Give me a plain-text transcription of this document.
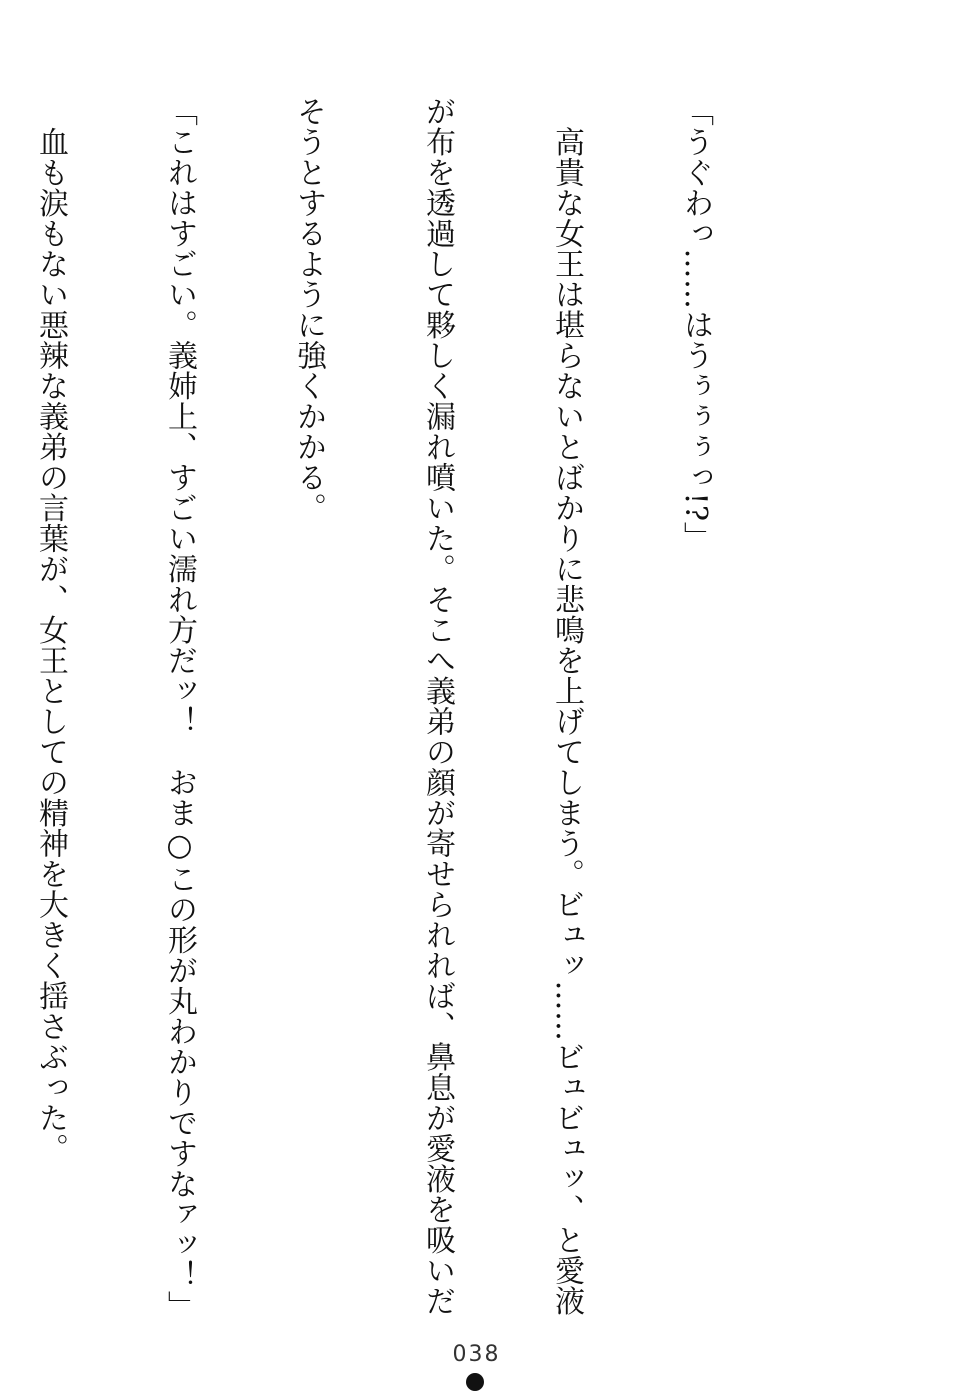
「うぐわっ……はうぅぅぅっ!?」

　高貴な女王は堪らないとばかりに悲鳴を上げてしまう。ビュッ……ビュビュッ、と愛液

が布を透過して夥しく漏れ噴いた。そこへ義弟の顔が寄せられれば、鼻息が愛液を吸いだ

そうとするように強くかかる。

「これはすごい。義姉上、すごい濡れ方だッ！　おま○この形が丸わかりですなァッ！」

　血も涙もない悪辣な義弟の言葉が、女王としての精神を大きく揺さぶった。

038
